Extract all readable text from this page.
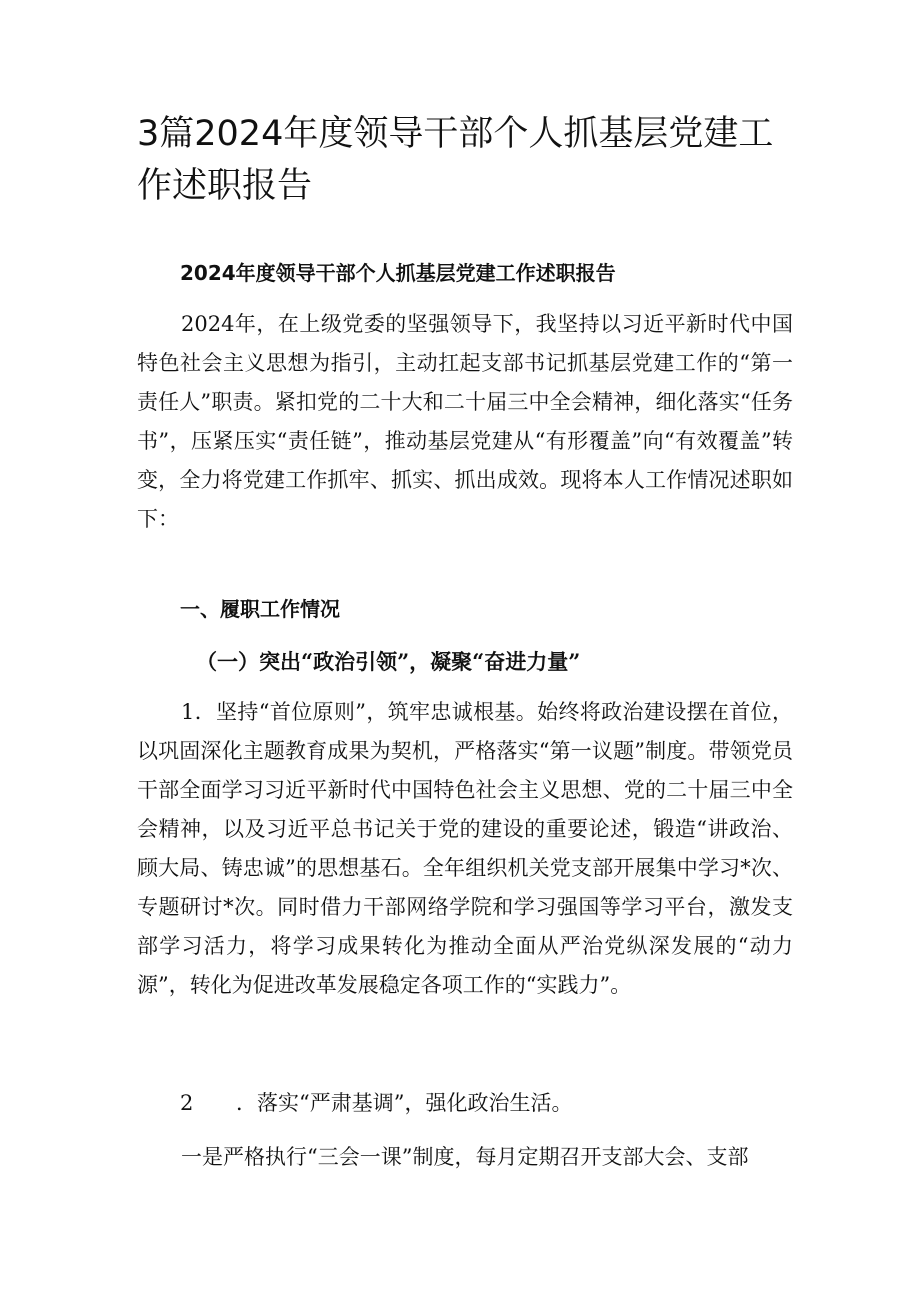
3篇2024年度领导干部个人抓基层党建工作述职报告
2024年度领导干部个人抓基层党建工作述职报告

2024年，在上级党委的坚强领导下，我坚持以习近平新时代中国特色社会主义思想为指引，主动扛起支部书记抓基层党建工作的“第一责任人”职责。紧扣党的二十大和二十届三中全会精神，细化落实“任务书”，压紧压实“责任链”，推动基层党建从“有形覆盖”向“有效覆盖”转变，全力将党建工作抓牢、抓实、抓出成效。现将本人工作情况述职如下：

一、履职工作情况
（一）突出“政治引领”，凝聚“奋进力量”

1．坚持“首位原则”，筑牢忠诚根基。始终将政治建设摆在首位，以巩固深化主题教育成果为契机，严格落实“第一议题”制度。带领党员干部全面学习习近平新时代中国特色社会主义思想、党的二十届三中全会精神，以及习近平总书记关于党的建设的重要论述，锻造“讲政治、顾大局、铸忠诚”的思想基石。全年组织机关党支部开展集中学习*次、专题研讨*次。同时借力干部网络学院和学习强国等学习平台，激发支部学习活力，将学习成果转化为推动全面从严治党纵深发展的“动力源”，转化为促进改革发展稳定各项工作的“实践力”。

2 ．落实“严肃基调”，强化政治生活。

一是严格执行“三会一课”制度，每月定期召开支部大会、支部
